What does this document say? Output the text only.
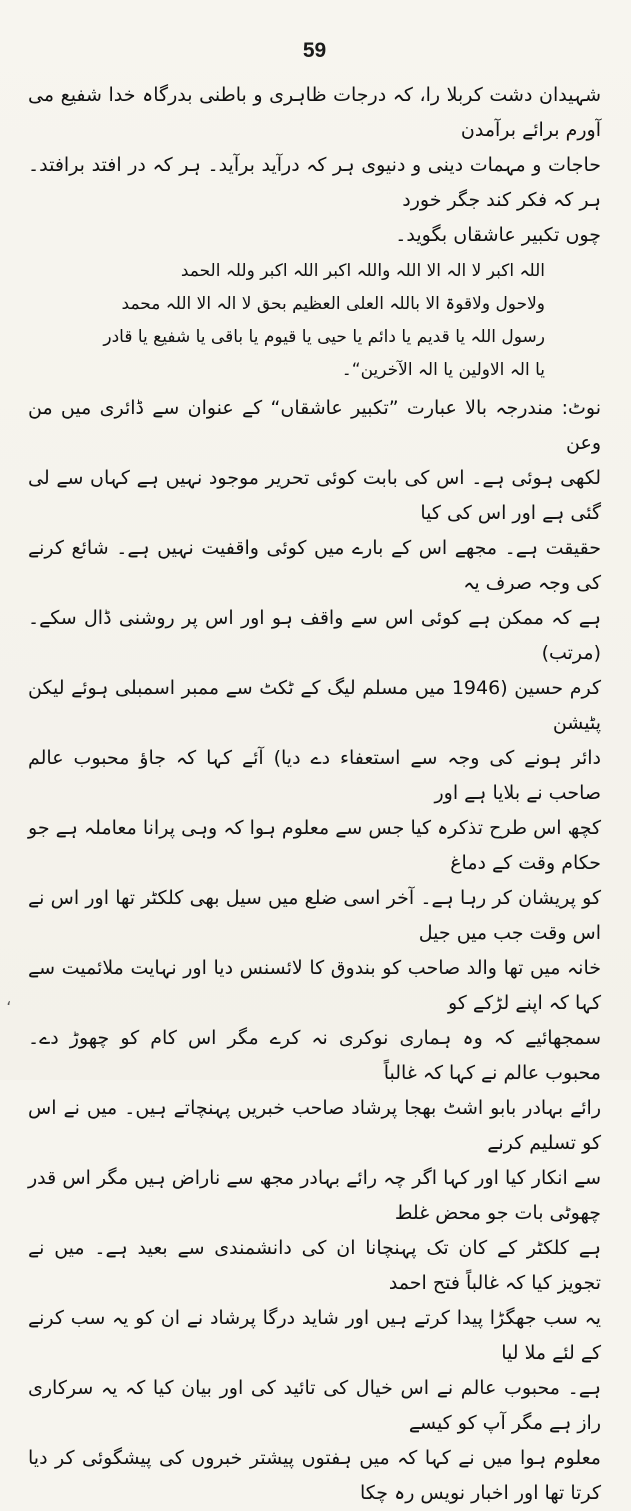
59

شہیدان دشت کربلا را، کہ درجات ظاہری و باطنی بدرگاہ خدا شفیع می آورم برائے برآمدن

حاجات و مہمات دینی و دنیوی ہر کہ درآید برآید۔ ہر کہ در افتد برافتد۔ ہر کہ فکر کند جگر خورد

چوں تکبیر عاشقاں بگوید۔

اللہ اکبر لا الہ الا اللہ واللہ اکبر اللہ اکبر وللہ الحمد

ولاحول ولاقوۃ الا باللہ العلی العظیم بحق لا الہ الا اللہ محمد

رسول اللہ یا قدیم یا دائم یا حیی یا قیوم یا باقی یا شفیع یا قادر

یا الہ الاولین یا الہ الآخرین“۔

نوٹ: مندرجہ بالا عبارت ”تکبیر عاشقاں“ کے عنوان سے ڈائری میں من وعن

لکھی ہوئی ہے۔ اس کی بابت کوئی تحریر موجود نہیں ہے کہاں سے لی گئی ہے اور اس کی کیا

حقیقت ہے۔ مجھے اس کے بارے میں کوئی واقفیت نہیں ہے۔ شائع کرنے کی وجہ صرف یہ

ہے کہ ممکن ہے کوئی اس سے واقف ہو اور اس پر روشنی ڈال سکے۔ (مرتب)

کرم حسین (1946 میں مسلم لیگ کے ٹکٹ سے ممبر اسمبلی ہوئے لیکن پٹیشن

دائر ہونے کی وجہ سے استعفاء دے دیا) آئے کہا کہ جاؤ محبوب عالم صاحب نے بلایا ہے اور

کچھ اس طرح تذکرہ کیا جس سے معلوم ہوا کہ وہی پرانا معاملہ ہے جو حکام وقت کے دماغ

کو پریشان کر رہا ہے۔ آخر اسی ضلع میں سیل بھی کلکٹر تھا اور اس نے اس وقت جب میں جیل

خانہ میں تھا والد صاحب کو بندوق کا لائسنس دیا اور نہایت ملائمیت سے کہا کہ اپنے لڑکے کو

سمجھائیے کہ وہ ہماری نوکری نہ کرے مگر اس کام کو چھوڑ دے۔ محبوب عالم نے کہا کہ غالباً

رائے بہادر بابو اشٹ بھجا پرشاد صاحب خبریں پہنچاتے ہیں۔ میں نے اس کو تسلیم کرنے

سے انکار کیا اور کہا اگر چہ رائے بہادر مجھ سے ناراض ہیں مگر اس قدر چھوٹی بات جو محض غلط

ہے کلکٹر کے کان تک پہنچانا ان کی دانشمندی سے بعید ہے۔ میں نے تجویز کیا کہ غالباً فتح احمد

یہ سب جھگڑا پیدا کرتے ہیں اور شاید درگا پرشاد نے ان کو یہ سب کرنے کے لئے ملا لیا

ہے۔ محبوب عالم نے اس خیال کی تائید کی اور بیان کیا کہ یہ سرکاری راز ہے مگر آپ کو کیسے

معلوم ہوا میں نے کہا کہ میں ہفتوں پیشتر خبروں کی پیشگوئی کر دیا کرتا تھا اور اخبار نویس رہ چکا

،
